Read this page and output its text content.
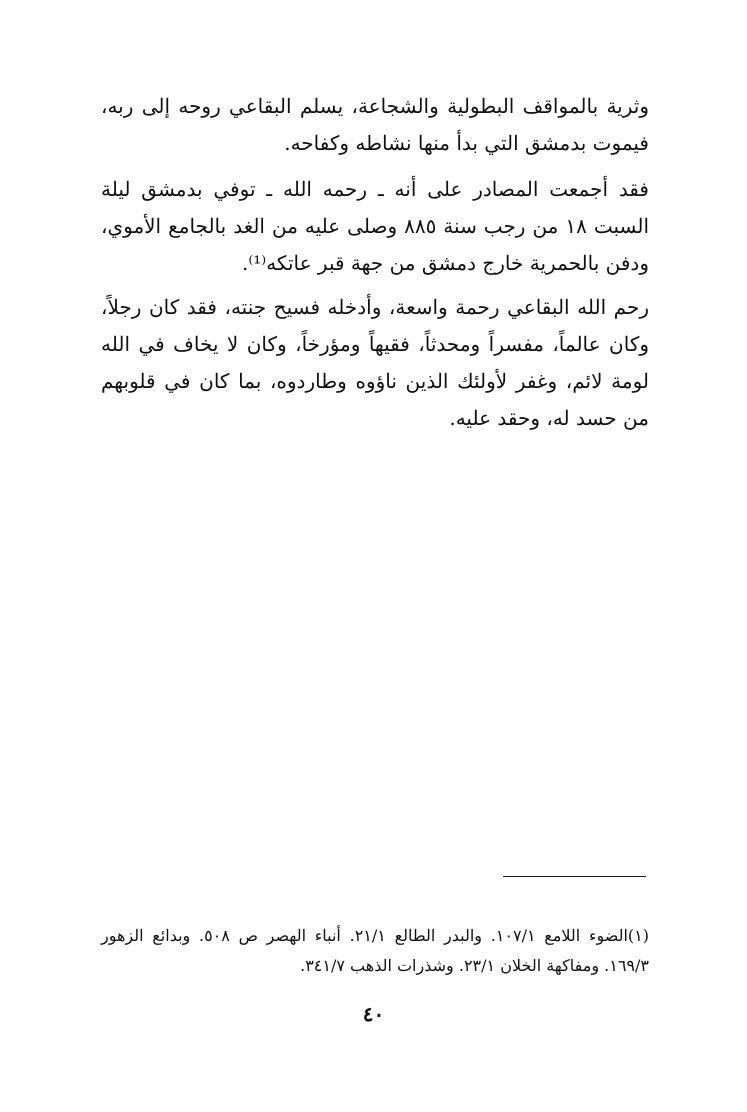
وثرية بالمواقف البطولية والشجاعة، يسلم البقاعي روحه إلى ربه، فيموت بدمشق التي بدأ منها نشاطه وكفاحه.

فقد أجمعت المصادر على أنه ـ رحمه الله ـ توفي بدمشق ليلة السبت ١٨ من رجب سنة ٨٨٥ وصلى عليه من الغد بالجامع الأموي، ودفن بالحمرية خارج دمشق من جهة قبر عاتكه⁽¹⁾.

رحم الله البقاعي رحمة واسعة، وأدخله فسيح جنته، فقد كان رجلاً، وكان عالماً، مفسراً ومحدثاً، فقيهاً ومؤرخاً، وكان لا يخاف في الله لومة لائم، وغفر لأولئك الذين ناؤوه وطاردوه، بما كان في قلوبهم من حسد له، وحقد عليه.

(١)الضوء اللامع ١٠٧/١. والبدر الطالع ٢١/١. أنباء الهصر ص ٥٠٨. وبدائع الزهور ١٦٩/٣. ومفاكهة الخلان ٢٣/١. وشذرات الذهب ٣٤١/٧.

٤٠
